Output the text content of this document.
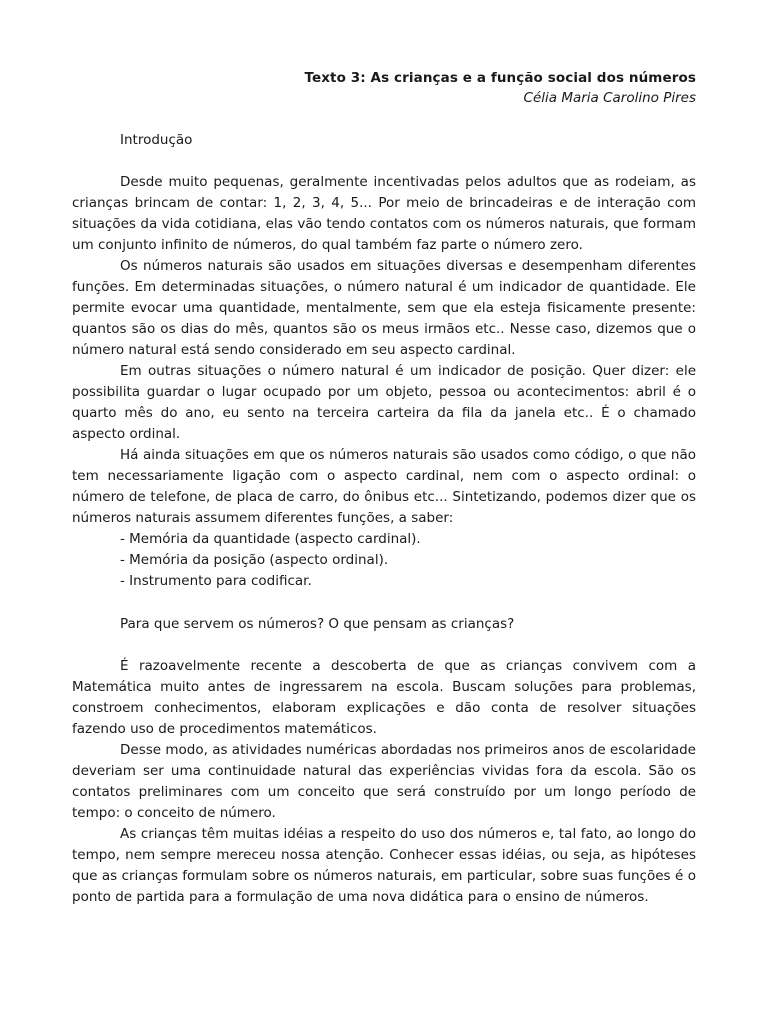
Texto 3: As crianças e a função social dos números
Célia Maria Carolino Pires

Introdução

Desde muito pequenas, geralmente incentivadas pelos adultos que as rodeiam, as crianças brincam de contar: 1, 2, 3, 4, 5... Por meio de brincadeiras e de interação com situações da vida cotidiana, elas vão tendo contatos com os números naturais, que formam um conjunto infinito de números, do qual também faz parte o número zero.

Os números naturais são usados em situações diversas e desempenham diferentes funções. Em determinadas situações, o número natural é um indicador de quantidade. Ele permite evocar uma quantidade, mentalmente, sem que ela esteja fisicamente presente: quantos são os dias do mês, quantos são os meus irmãos etc.. Nesse caso, dizemos que o número natural está sendo considerado em seu aspecto cardinal.

Em outras situações o número natural é um indicador de posição. Quer dizer: ele possibilita guardar o lugar ocupado por um objeto, pessoa ou acontecimentos: abril é o quarto mês do ano, eu sento na terceira carteira da fila da janela etc.. É o chamado aspecto ordinal.

Há ainda situações em que os números naturais são usados como código, o que não tem necessariamente ligação com o aspecto cardinal, nem com o aspecto ordinal: o número de telefone, de placa de carro, do ônibus etc... Sintetizando, podemos dizer que os números naturais assumem diferentes funções, a saber:

- Memória da quantidade (aspecto cardinal).
- Memória da posição (aspecto ordinal).
- Instrumento para codificar.

Para que servem os números? O que pensam as crianças?

É razoavelmente recente a descoberta de que as crianças convivem com a Matemática muito antes de ingressarem na escola. Buscam soluções para problemas, constroem conhecimentos, elaboram explicações e dão conta de resolver situações fazendo uso de procedimentos matemáticos.

Desse modo, as atividades numéricas abordadas nos primeiros anos de escolaridade deveriam ser uma continuidade natural das experiências vividas fora da escola. São os contatos preliminares com um conceito que será construído por um longo período de tempo: o conceito de número.

As crianças têm muitas idéias a respeito do uso dos números e, tal fato, ao longo do tempo, nem sempre mereceu nossa atenção. Conhecer essas idéias, ou seja, as hipóteses que as crianças formulam sobre os números naturais, em particular, sobre suas funções é o ponto de partida para a formulação de uma nova didática para o ensino de números.
